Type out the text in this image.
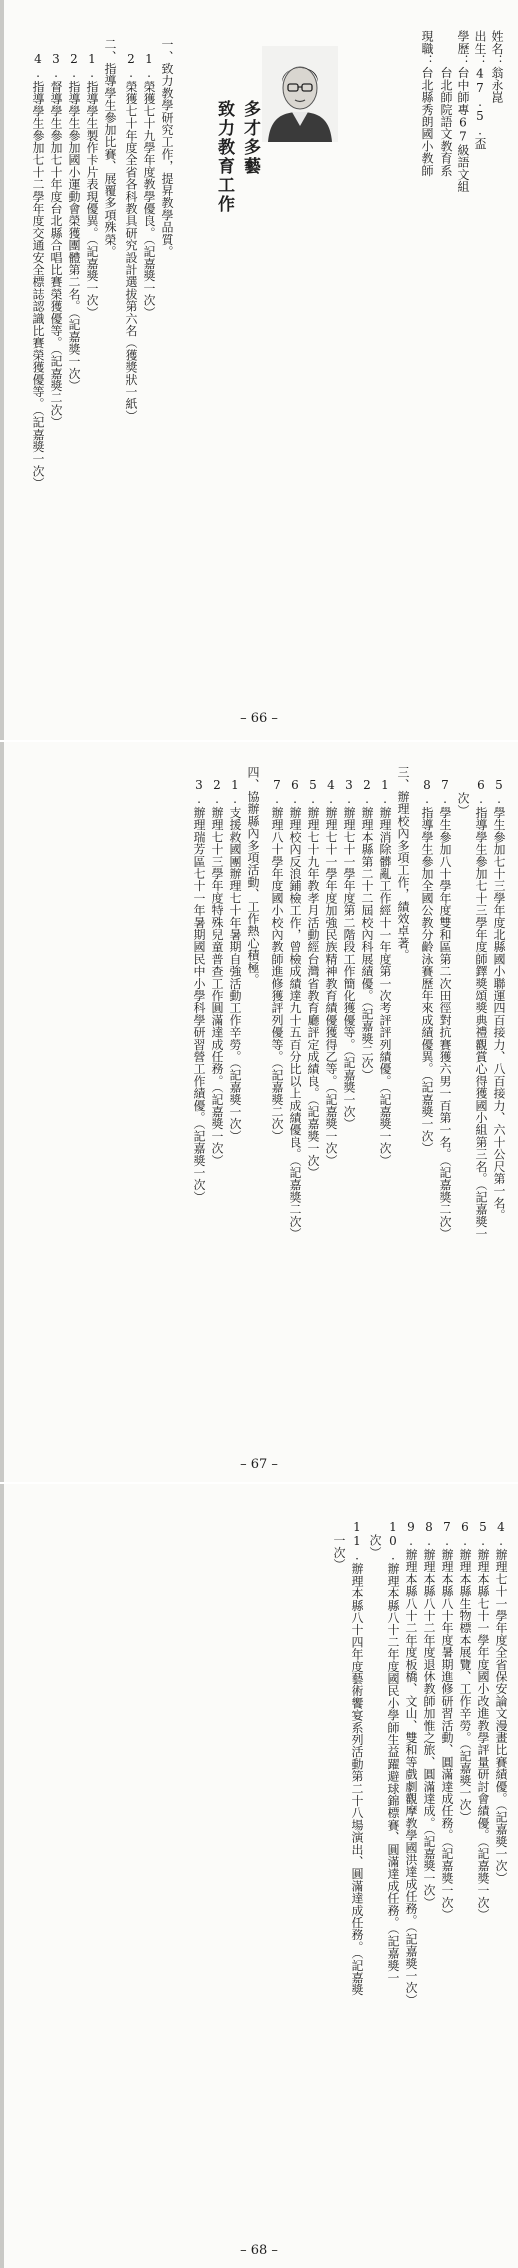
姓名：翁永崑
出生：47.5.盃
學歷：台中師專67級語文組
　　　台北師院語文教育系
現職：台北縣秀朗國小教師
多才多藝
致力教育工作
一、致力教學研究工作，提昇教學品質。
1.榮獲七十九學年度教學優良。（記嘉獎一次）
2.榮獲七十年度全省各科教具研究設計選拔第六名（獲獎狀一紙）
二、指導學生參加比賽、展覆多項殊榮。
1.指導學生製作卡片表現優異。（記嘉獎一次）
2.指導學生參加國小運動會榮獲團體第二名。（記嘉獎一次）
3.督導學生參加七十年度台北縣合唱比賽榮獲優等。（記嘉獎二次）
4.指導學生參加七十二學年度交通安全標誌認識比賽榮獲優等。（記嘉獎一次）
– 66 –
5.學生參加七十三學年度北縣國小聯運四百接力、八百接力、六十公尺第一名。
6.指導學生參加七十三學年度師鐸獎頌獎典禮觀賞心得獲國小組第三名。（記嘉獎一
次）
7.學生參加八十學年度雙和區第二次田徑對抗賽獲六男一百第一名。（記嘉獎二次）
8.指導學生參加全國公教分齡泳賽歷年來成績優異。（記嘉獎一次）
三、辦理校內多項工作，績效卓著。
1.辦理消除髒亂工作經十一年度第一次考評評列績優。（記嘉獎一次）
2.辦理本縣第二十二屆校內科展績優。（記嘉獎二次）
3.辦理七十一學年度第二階段工作簡化獲優等。（記嘉獎一次）
4.辦理七十一學年度加強民族精神教育績優獲得乙等。（記嘉獎一次）
5.辦理七十九年教孝月活動經台灣省教育廳評定成績良。（記嘉獎一次）
6.辦理校內反浪鋪檢工作，曾檢成績達九十五百分比以上成績優良。（記嘉獎二次）
7.辦理八十學年度國小校內教師進修獲評列優等。（記嘉獎二次）
四、協辦縣內多項活動、工作熱心積極。
1.支援救國團辦理七十年暑期自強活動工作辛勞。（記嘉獎一次）
2.辦理七十三學年度特殊兒童普查工作圓滿達成任務。（記嘉獎一次）
3.辦理瑞芳區七十一年暑期國民中小學科學研習營工作績優。（記嘉獎一次）
– 67 –
4.辦理七十一學年度全省保安論文漫畫比賽績優。（記嘉獎一次）
5.辦理本縣七十一學年度國小改進教學評量研討會績優。（記嘉獎一次）
6.辦理本縣生物標本展覽、工作辛勞。（記嘉獎一次）
7.辦理本縣八十年度暑期進修研習活動、圓滿達成任務。（記嘉獎一次）
8.辦理本縣八十二年度退休教師加惟之旅、圓滿達成。（記嘉獎一次）
9.辦理本縣八十二年度板橋、文山、雙和等戲劇觀摩教學國洪達成任務。（記嘉獎一次）
10.辦理本縣八十二年度國民小學師生益躍避球錦標賽、圓滿達成任務。（記嘉獎一
次）
11.辦理本縣八十四年度藝術饗宴系列活動第二十八場演出、圓滿達成任務。（記嘉獎
一次）
– 68 –
